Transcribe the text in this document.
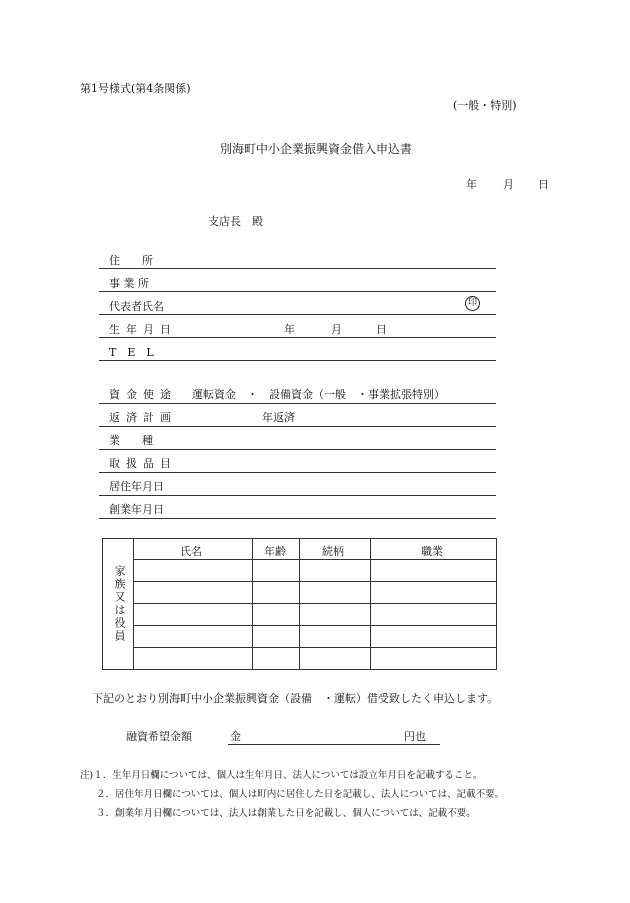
第1号様式(第4条関係)
(一般・特別)
別海町中小企業振興資金借入申込書
年 月 日
支店長　殿
住　　所
事 業 所
代表者氏名	印
生年月日	年	月	日
T　E　L
資金使途 運転資金　・　設備資金（一般　・事業拡張特別）
返済計画	年返済
業　　種
取扱品目
居住年月日
創業年月日
家族又は役員
氏名	年齢	続柄	職業
下記のとおり別海町中小企業振興資金（設備　・運転）借受致したく申込します。
融資希望金額	金	円也
注)１．生年月日欄については、個人は生年月日、法人については設立年月日を記載すること。
２．居住年月日欄については、個人は町内に居住した日を記載し、法人については、記載不要。
３．創業年月日欄については、法人は創業した日を記載し、個人については、記載不要。
